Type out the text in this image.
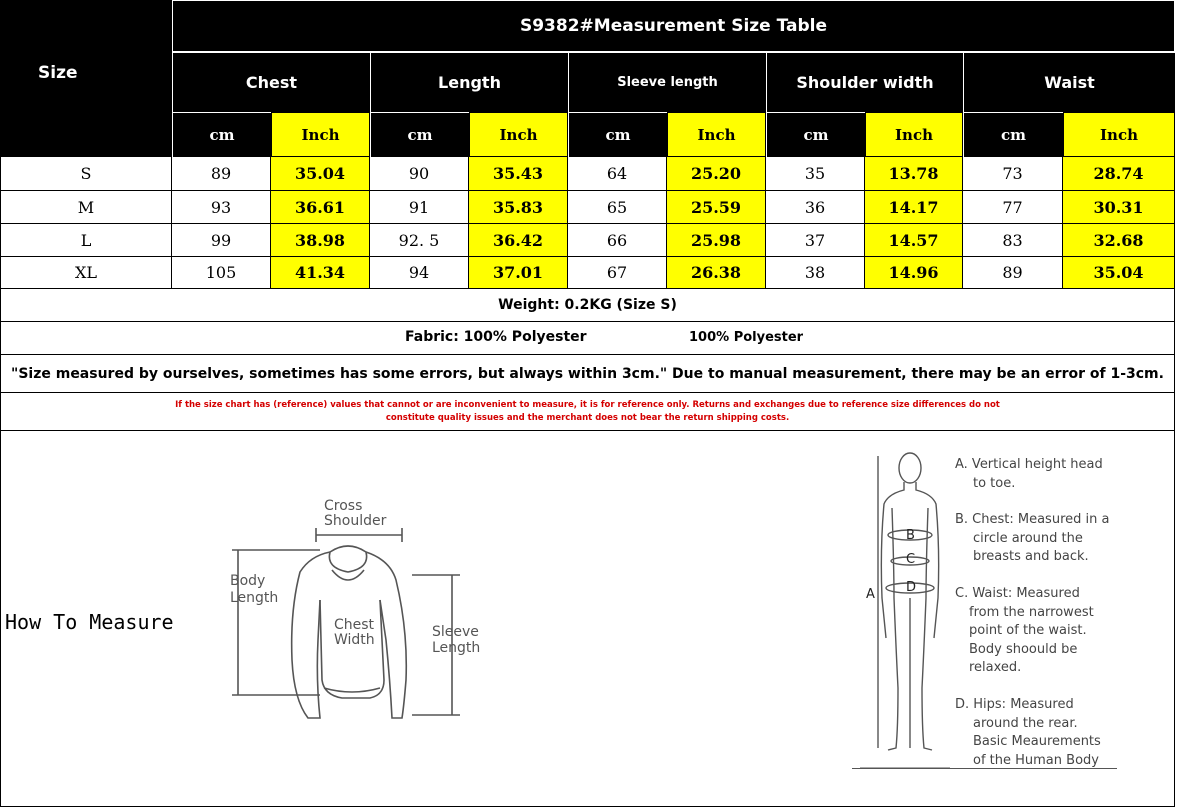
Size
S9382#Measurement Size Table
Chest
cm	Inch
Length
cm	Inch
Sleeve length
cm	Inch
Shoulder width
cm	Inch
Waist
cm	Inch
S	89	35.04	90	35.43	64	25.20	35	13.78	73	28.74
M	93	36.61	91	35.83	65	25.59	36	14.17	77	30.31
L	99	38.98	92. 5	36.42	66	25.98	37	14.57	83	32.68
XL	105	41.34	94	37.01	67	26.38	38	14.96	89	35.04
Weight: 0.2KG (Size S)
Fabric: 100% Polyester	100% Polyester
"Size measured by ourselves, sometimes has some errors, but always within 3cm." Due to manual measurement, there may be an error of 1-3cm.
If the size chart has (reference) values that cannot or are inconvenient to measure, it is for reference only. Returns and exchanges due to reference size differences do not
constitute quality issues and the merchant does not bear the return shipping costs.
How To Measure
Cross
Shoulder
Body
Length
Chest
Width	Sleeve
Length
A
B
C
D
A. Vertical height head
to toe.
B. Chest: Measured in a
circle around the
breasts and back.
C. Waist: Measured
from the narrowest
point of the waist.
Body shoould be
relaxed.
D. Hips: Measured
around the rear.
Basic Meaurements
of the Human Body
